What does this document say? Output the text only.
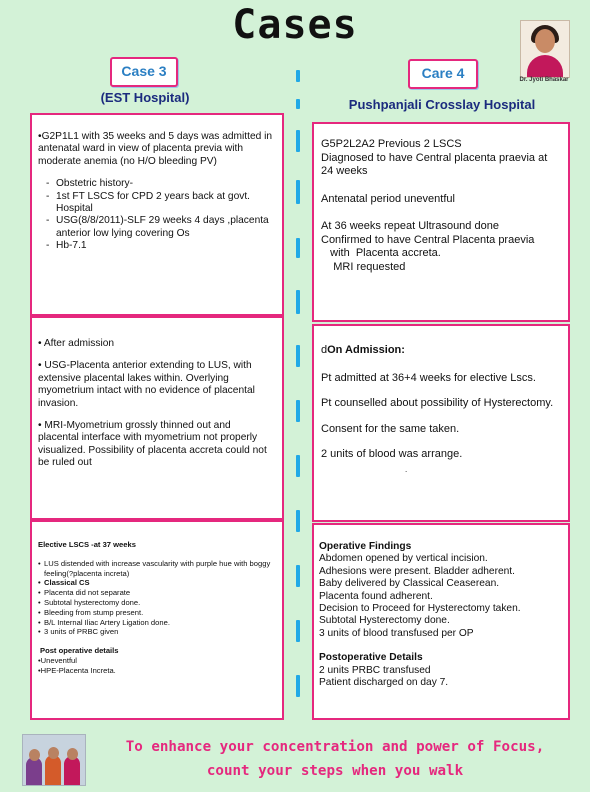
Cases
Dr. Jyoti Bhaskar
Case 3
(EST Hospital)
Care 4
Pushpanjali Crosslay Hospital

•G2P1L1 with 35 weeks and 5 days was admitted in antenatal ward in view of placenta previa with moderate anemia (no H/O bleeding PV)

- Obstetric history-
- 1st FT LSCS for CPD 2 years back at govt. Hospital
- USG(8/8/2011)-SLF 29 weeks 4 days ,placenta anterior low lying covering Os
- Hb-7.1

• After admission

• USG-Placenta anterior extending to LUS, with extensive placental lakes within. Overlying myometrium intact with no evidence of placental invasion.

• MRI-Myometrium grossly thinned out and placental interface with myometrium not properly visualized. Possibility of placenta accreta could not be ruled out

Elective LSCS -at 37 weeks

• LUS distended with increase vascularity with purple hue with boggy feeling(?placenta increta)
• Classical CS
• Placenta did not separate
• Subtotal hysterectomy done.
• Bleeding from stump present.
• B/L Internal Iliac Artery Ligation done.
• 3 units of PRBC given

Post operative details

•Uneventful

•HPE-Placenta Increta.

G5P2L2A2 Previous 2 LSCS

Diagnosed to have Central placenta praevia at 24 weeks

Antenatal period uneventful

At 36 weeks repeat Ultrasound done

Confirmed to have Central Placenta praevia

with  Placenta accreta.

MRI requested

dOn Admission:

Pt admitted at 36+4 weeks for elective Lscs.

Pt counselled about possibility of Hysterectomy.

Consent for the same taken.

2 units of blood was arrange.

.

Operative Findings

Abdomen opened by vertical incision.

Adhesions were present. Bladder adherent.

Baby delivered by Classical Ceaserean.

Placenta found adherent.

Decision to Proceed for Hysterectomy taken.

Subtotal Hysterectomy done.

3 units of blood transfused per OP

Postoperative Details

2 units PRBC transfused

Patient discharged on day 7.

To enhance your concentration and power of Focus,
count your steps when you walk
